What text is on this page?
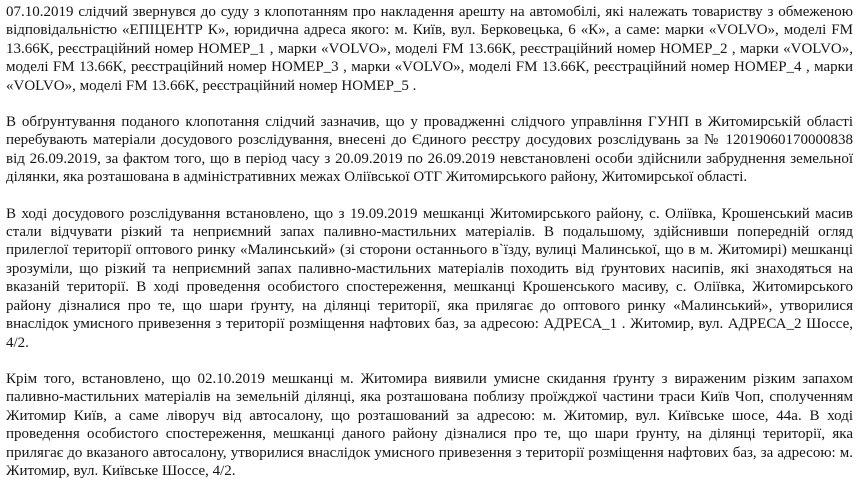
07.10.2019 слідчий звернувся до суду з клопотанням про накладення арешту на автомобілі, які належать товариству з обмеженою відповідальністю «ЕПІЦЕНТР К», юридична адреса якого: м. Київ, вул. Берковецька, 6 «К», а саме: марки «VOLVO», моделі FM 13.66К, реєстраційний номер НОМЕР_1 , марки «VOLVO», моделі FM 13.66К, реєстраційний номер НОМЕР_2 , марки «VOLVO», моделі FM 13.66К, реєстраційний номер НОМЕР_3 , марки «VOLVO», моделі FM 13.66К, реєстраційний номер НОМЕР_4 , марки «VOLVO», моделі FM 13.66К, реєстраційний номер НОМЕР_5 .

В обґрунтування поданого клопотання слідчий зазначив, що у провадженні слідчого управління ГУНП в Житомирській області перебувають матеріали досудового розслідування, внесені до Єдиного реєстру досудових розслідувань за № 12019060170000838 від 26.09.2019, за фактом того, що в період часу з 20.09.2019 по 26.09.2019 невстановлені особи здійснили забруднення земельної ділянки, яка розташована в адміністративних межах Оліївської ОТГ Житомирського району, Житомирської області.

В ході досудового розслідування встановлено, що з 19.09.2019 мешканці Житомирського району, с. Оліївка, Крошенський масив стали відчувати різкий та неприємний запах паливно-мастильних матеріалів. В подальшому, здійснивши попередній огляд прилеглої території оптового ринку «Малинський» (зі сторони останнього в`їзду, вулиці Малинської, що в м. Житомирі) мешканці зрозуміли, що різкий та неприємний запах паливно-мастильних матеріалів походить від ґрунтових насипів, які знаходяться на вказаній території. В ході проведення особистого спостереження, мешканці Крошенського масиву, с. Оліївка, Житомирського району дізналися про те, що шари ґрунту, на ділянці території, яка прилягає до оптового ринку «Малинський», утворилися внаслідок умисного привезення з території розміщення нафтових баз, за адресою: АДРЕСА_1 . Житомир, вул. АДРЕСА_2 Шоссе, 4/2.

Крім того, встановлено, що 02.10.2019 мешканці м. Житомира виявили умисне скидання ґрунту з вираженим різким запахом паливно-мастильних матеріалів на земельній ділянці, яка розташована поблизу проїжджої частини траси Київ Чоп, сполученням Житомир Київ, а саме ліворуч від автосалону, що розташований за адресою: м. Житомир, вул. Київське шосе, 44а. В ході проведення особистого спостереження, мешканці даного району дізналися про те, що шари ґрунту, на ділянці території, яка прилягає до вказаного автосалону, утворилися внаслідок умисного привезення з території розміщення нафтових баз, за адресою: м. Житомир, вул. Київське Шоссе, 4/2.
